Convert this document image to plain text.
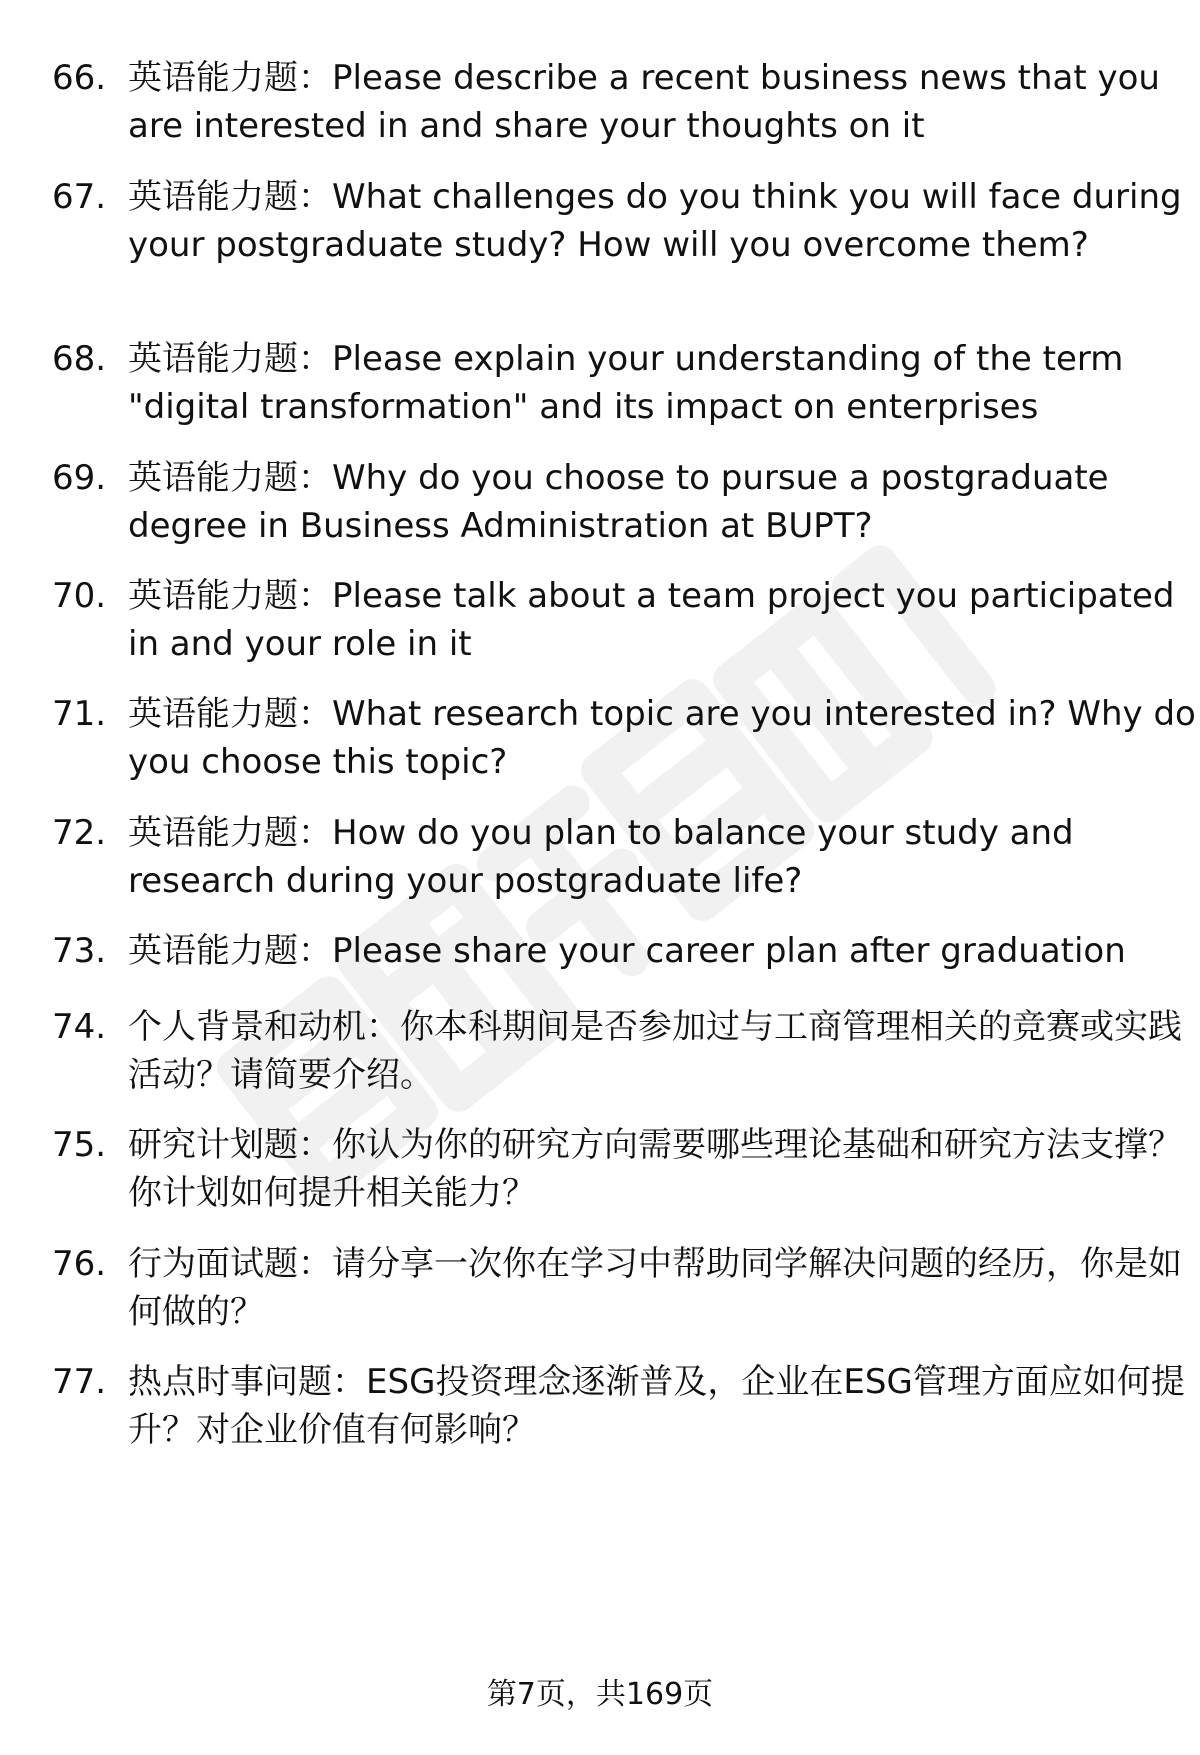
66. 英语能力题：Please describe a recent business news that you are interested in and share your thoughts on it
67. 英语能力题：What challenges do you think you will face during your postgraduate study? How will you overcome them?
68. 英语能力题：Please explain your understanding of the term "digital transformation" and its impact on enterprises
69. 英语能力题：Why do you choose to pursue a postgraduate degree in Business Administration at BUPT?
70. 英语能力题：Please talk about a team project you participated in and your role in it
71. 英语能力题：What research topic are you interested in? Why do you choose this topic?
72. 英语能力题：How do you plan to balance your study and research during your postgraduate life?
73. 英语能力题：Please share your career plan after graduation
74. 个人背景和动机：你本科期间是否参加过与工商管理相关的竞赛或实践活动？请简要介绍。
75. 研究计划题：你认为你的研究方向需要哪些理论基础和研究方法支撑？你计划如何提升相关能力？
76. 行为面试题：请分享一次你在学习中帮助同学解决问题的经历，你是如何做的？
77. 热点时事问题：ESG投资理念逐渐普及，企业在ESG管理方面应如何提升？对企业价值有何影响？
第7页，共169页
